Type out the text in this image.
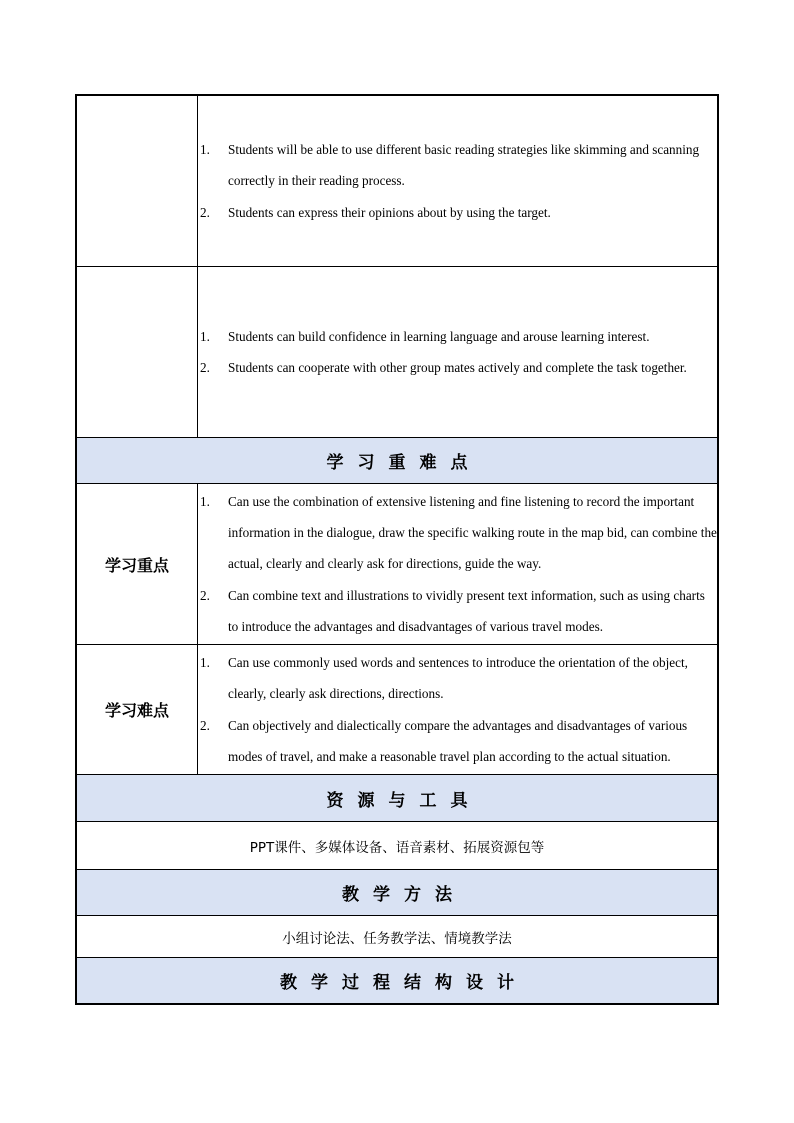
1. Students will be able to use different basic reading strategies like skimming and scanning correctly in their reading process.
2. Students can express their opinions about by using the target.
1. Students can build confidence in learning language and arouse learning interest.
2. Students can cooperate with other group mates actively and complete the task together.
学习重难点
学习重点
1. Can use the combination of extensive listening and fine listening to record the important information in the dialogue, draw the specific walking route in the map bid, can combine the actual, clearly and clearly ask for directions, guide the way.
2. Can combine text and illustrations to vividly present text information, such as using charts to introduce the advantages and disadvantages of various travel modes.
学习难点
1. Can use commonly used words and sentences to introduce the orientation of the object, clearly, clearly ask directions, directions.
2. Can objectively and dialectically compare the advantages and disadvantages of various modes of travel, and make a reasonable travel plan according to the actual situation.
资源与工具
PPT课件、多媒体设备、语音素材、拓展资源包等
教学方法
小组讨论法、任务教学法、情境教学法
教学过程结构设计
